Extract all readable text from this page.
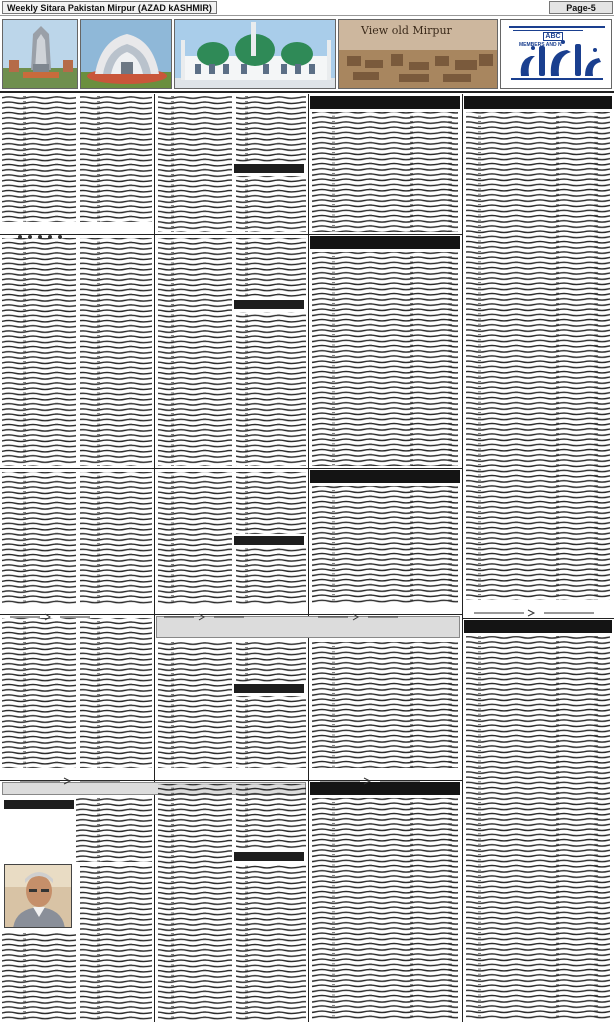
Weekly Sitara Pakistan Mirpur (AZAD kASHMIR)	Page-5
View old Mirpur	ABC
MEMBERS AND N
